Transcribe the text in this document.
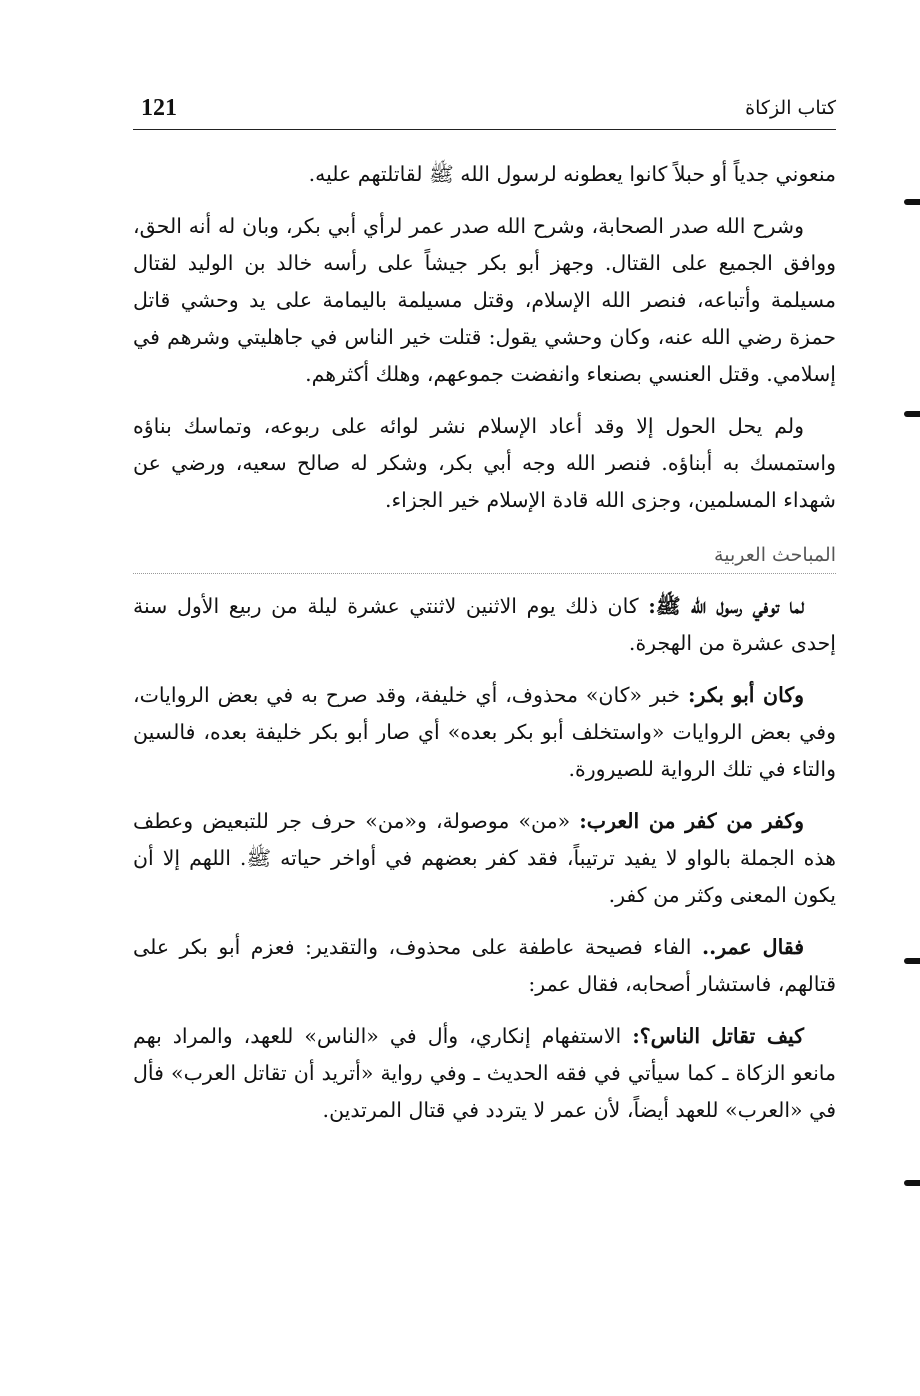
121	كتاب الزكاة

منعوني جدياً أو حبلاً كانوا يعطونه لرسول الله ﷺ لقاتلتهم عليه.

وشرح الله صدر الصحابة، وشرح الله صدر عمر لرأي أبي بكر، وبان له أنه الحق، ووافق الجميع على القتال. وجهز أبو بكر جيشاً على رأسه خالد بن الوليد لقتال مسيلمة وأتباعه، فنصر الله الإسلام، وقتل مسيلمة باليمامة على يد وحشي قاتل حمزة رضي الله عنه، وكان وحشي يقول: قتلت خير الناس في جاهليتي وشرهم في إسلامي. وقتل العنسي بصنعاء وانفضت جموعهم، وهلك أكثرهم.

ولم يحل الحول إلا وقد أعاد الإسلام نشر لوائه على ربوعه، وتماسك بناؤه واستمسك به أبناؤه. فنصر الله وجه أبي بكر، وشكر له صالح سعيه، ورضي عن شهداء المسلمين، وجزى الله قادة الإسلام خير الجزاء.

المباحث العربية

لما توفي رسول الله ﷺ: كان ذلك يوم الاثنين لاثنتي عشرة ليلة من ربيع الأول سنة إحدى عشرة من الهجرة.

وكان أبو بكر: خبر «كان» محذوف، أي خليفة، وقد صرح به في بعض الروايات، وفي بعض الروايات «واستخلف أبو بكر بعده» أي صار أبو بكر خليفة بعده، فالسين والتاء في تلك الرواية للصيرورة.

وكفر من كفر من العرب: «من» موصولة، و«من» حرف جر للتبعيض وعطف هذه الجملة بالواو لا يفيد ترتيباً، فقد كفر بعضهم في أواخر حياته ﷺ. اللهم إلا أن يكون المعنى وكثر من كفر.

فقال عمر.. الفاء فصيحة عاطفة على محذوف، والتقدير: فعزم أبو بكر على قتالهم، فاستشار أصحابه، فقال عمر:

كيف تقاتل الناس؟: الاستفهام إنكاري، وأل في «الناس» للعهد، والمراد بهم مانعو الزكاة ـ كما سيأتي في فقه الحديث ـ وفي رواية «أتريد أن تقاتل العرب» فأل في «العرب» للعهد أيضاً، لأن عمر لا يتردد في قتال المرتدين.
